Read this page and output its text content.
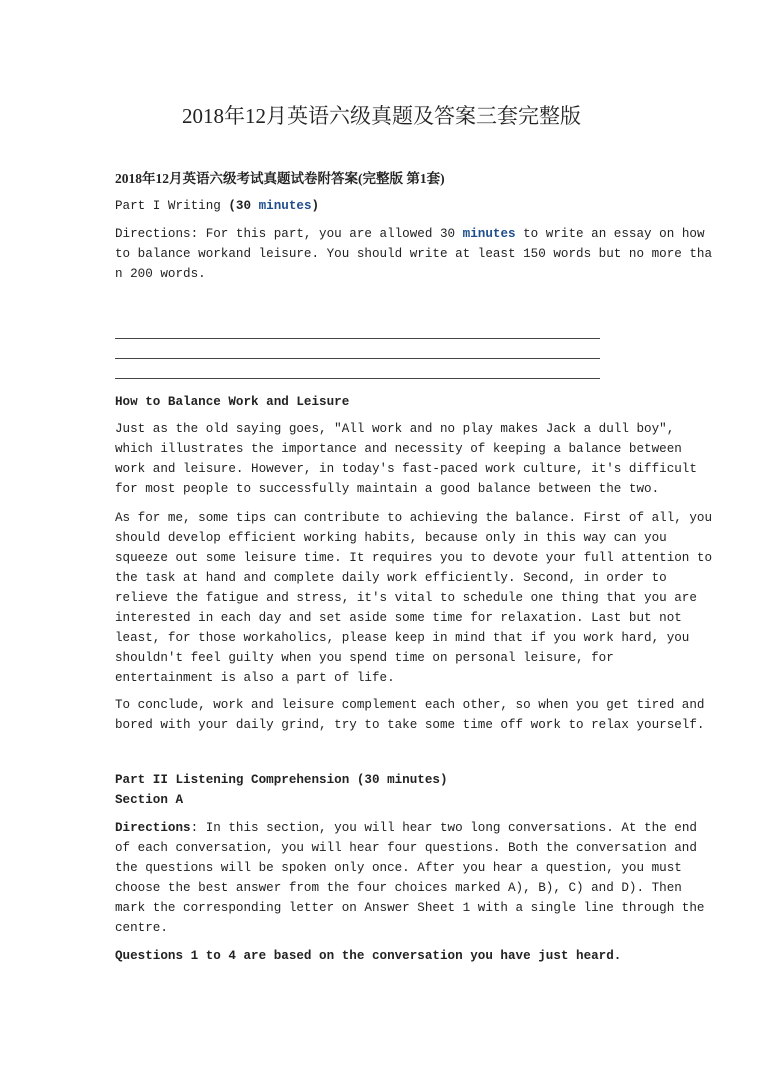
2018年12月英语六级真题及答案三套完整版
2018年12月英语六级考试真题试卷附答案(完整版 第1套)
Part I Writing (30 minutes)
Directions: For this part, you are allowed 30 minutes to write an essay on how
to balance workand leisure. You should write at least 150 words but no more tha
n 200 words.
How to Balance Work and Leisure
Just as the old saying goes, "All work and no play makes Jack a dull boy",
which illustrates the importance and necessity of keeping a balance between
work and leisure. However, in today's fast-paced work culture, it's difficult
for most people to successfully maintain a good balance between the two.
As for me, some tips can contribute to achieving the balance. First of all, you
should develop efficient working habits, because only in this way can you
squeeze out some leisure time. It requires you to devote your full attention to
the task at hand and complete daily work efficiently. Second, in order to
relieve the fatigue and stress, it's vital to schedule one thing that you are
interested in each day and set aside some time for relaxation. Last but not
least, for those workaholics, please keep in mind that if you work hard, you
shouldn't feel guilty when you spend time on personal leisure, for
entertainment is also a part of life.
To conclude, work and leisure complement each other, so when you get tired and
bored with your daily grind, try to take some time off work to relax yourself.
Part II Listening Comprehension (30 minutes)
Section A
Directions: In this section, you will hear two long conversations. At the end
of each conversation, you will hear four questions. Both the conversation and
the questions will be spoken only once. After you hear a question, you must
choose the best answer from the four choices marked A), B), C) and D). Then
mark the corresponding letter on Answer Sheet 1 with a single line through the
centre.
Questions 1 to 4 are based on the conversation you have just heard.
